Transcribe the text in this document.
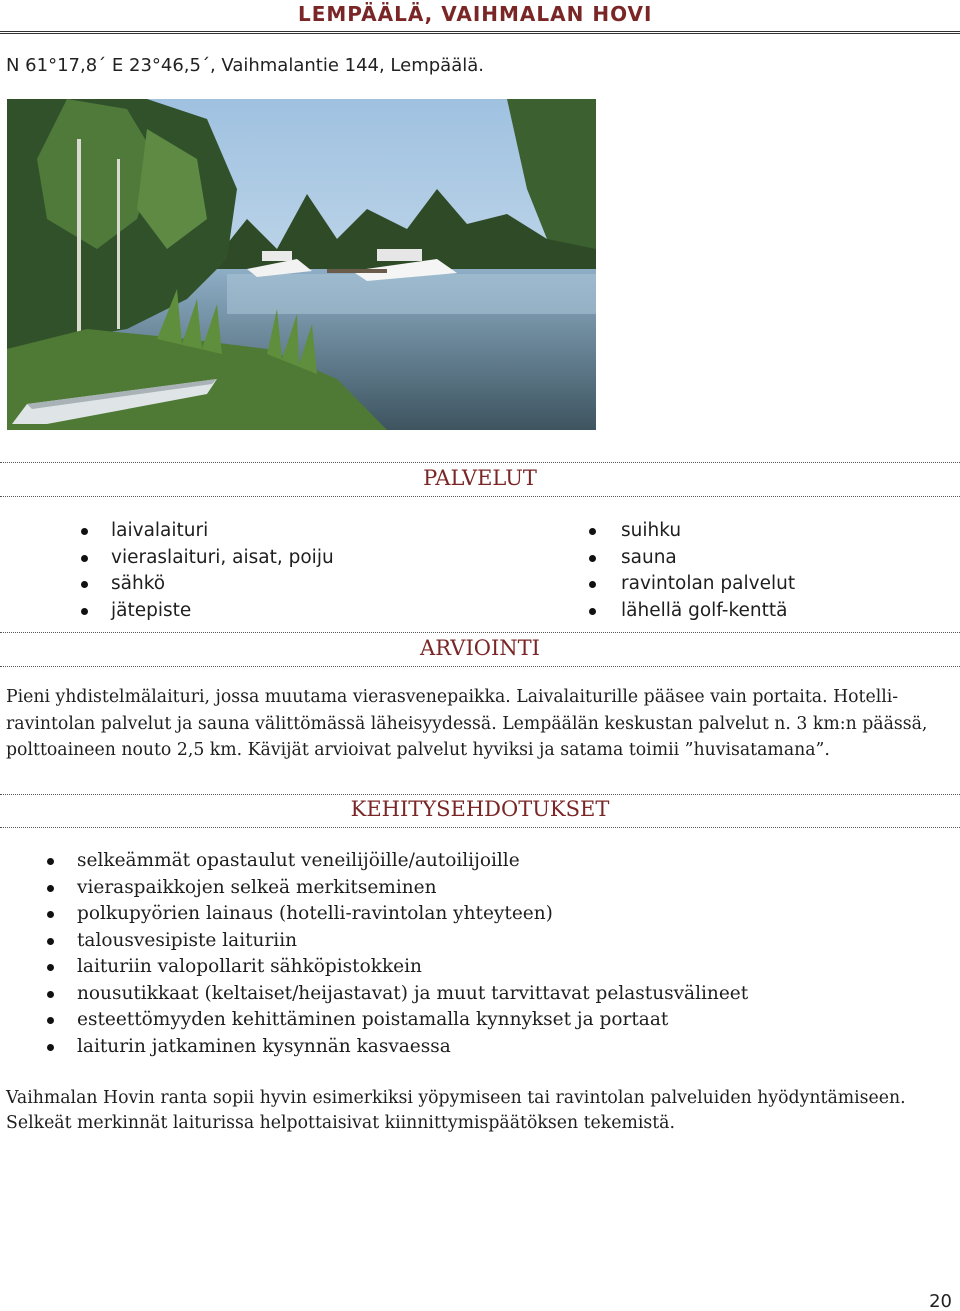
LEMPÄÄLÄ, VAIHMALAN HOVI
N 61°17,8´ E 23°46,5´, Vaihmalantie 144, Lempäälä.
PALVELUT
laivalaituri
vieraslaituri, aisat, poiju
sähkö
jätepiste
suihku
sauna
ravintolan palvelut
lähellä golf-kenttä
ARVIOINTI
Pieni yhdistelmälaituri, jossa muutama vierasvenepaikka. Laivalaiturille pääsee vain portaita. Hotelli-ravintolan palvelut ja sauna välittömässä läheisyydessä. Lempäälän keskustan palvelut n. 3 km:n päässä, polttoaineen nouto 2,5 km. Kävijät arvioivat palvelut hyviksi ja satama toimii ”huvisatamana”.
KEHITYSEHDOTUKSET
selkeämmät opastaulut veneilijöille/autoilijoille
vieraspaikkojen selkeä merkitseminen
polkupyörien lainaus (hotelli-ravintolan yhteyteen)
talousvesipiste laituriin
laituriin valopollarit sähköpistokkein
nousutikkaat (keltaiset/heijastavat) ja muut tarvittavat pelastusvälineet
esteettömyyden kehittäminen poistamalla kynnykset ja portaat
laiturin jatkaminen kysynnän kasvaessa
Vaihmalan Hovin ranta sopii hyvin esimerkiksi yöpymiseen tai ravintolan palveluiden hyödyntämiseen. Selkeät merkinnät laiturissa helpottaisivat kiinnittymispäätöksen tekemistä.
20
